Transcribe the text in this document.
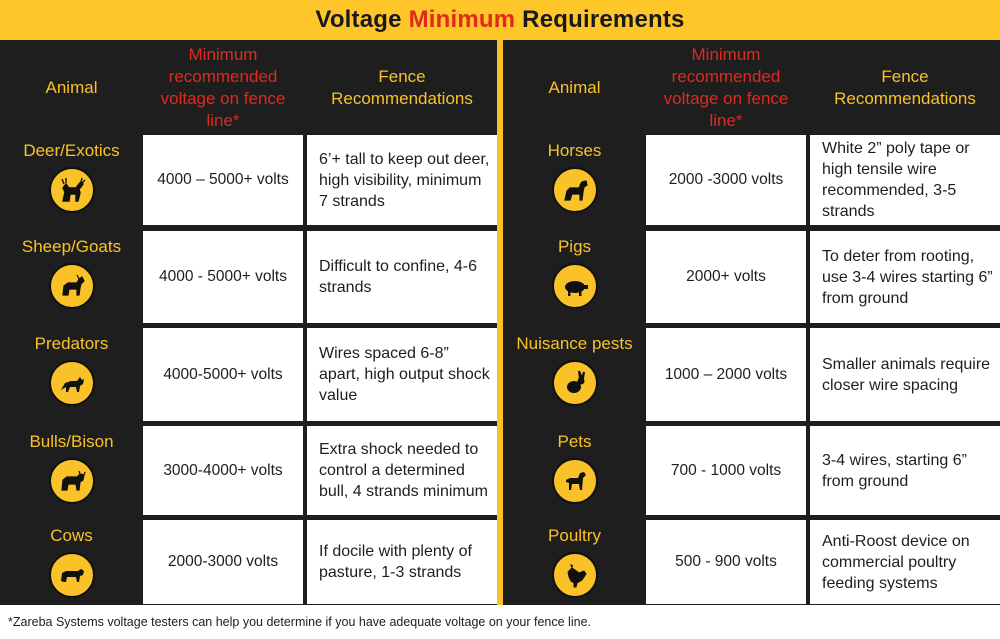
Voltage Minimum Requirements
Animal
Minimum recommended voltage on fence line*
Fence Recommendations
Deer/Exotics
4000 – 5000+ volts
6’+ tall to keep out deer, high visibility, minimum 7 strands
Sheep/Goats
4000 - 5000+ volts
Difficult to confine, 4-6 strands
Predators
4000-5000+ volts
Wires spaced 6-8” apart, high output shock value
Bulls/Bison
3000-4000+ volts
Extra shock needed to control a determined bull, 4 strands minimum
Cows
2000-3000 volts
If docile with plenty of pasture, 1-3 strands
Animal
Minimum recommended voltage on fence line*
Fence Recommendations
Horses
2000 -3000 volts
White 2” poly tape or high tensile wire recommended, 3-5 strands
Pigs
2000+ volts
To deter from rooting, use 3-4 wires starting 6” from ground
Nuisance pests
1000 – 2000 volts
Smaller animals require closer wire spacing
Pets
700 - 1000 volts
3-4 wires, starting 6” from ground
Poultry
500 - 900 volts
Anti-Roost device on commercial poultry feeding systems
*Zareba Systems voltage testers can help you determine if you have adequate voltage on your fence line.
